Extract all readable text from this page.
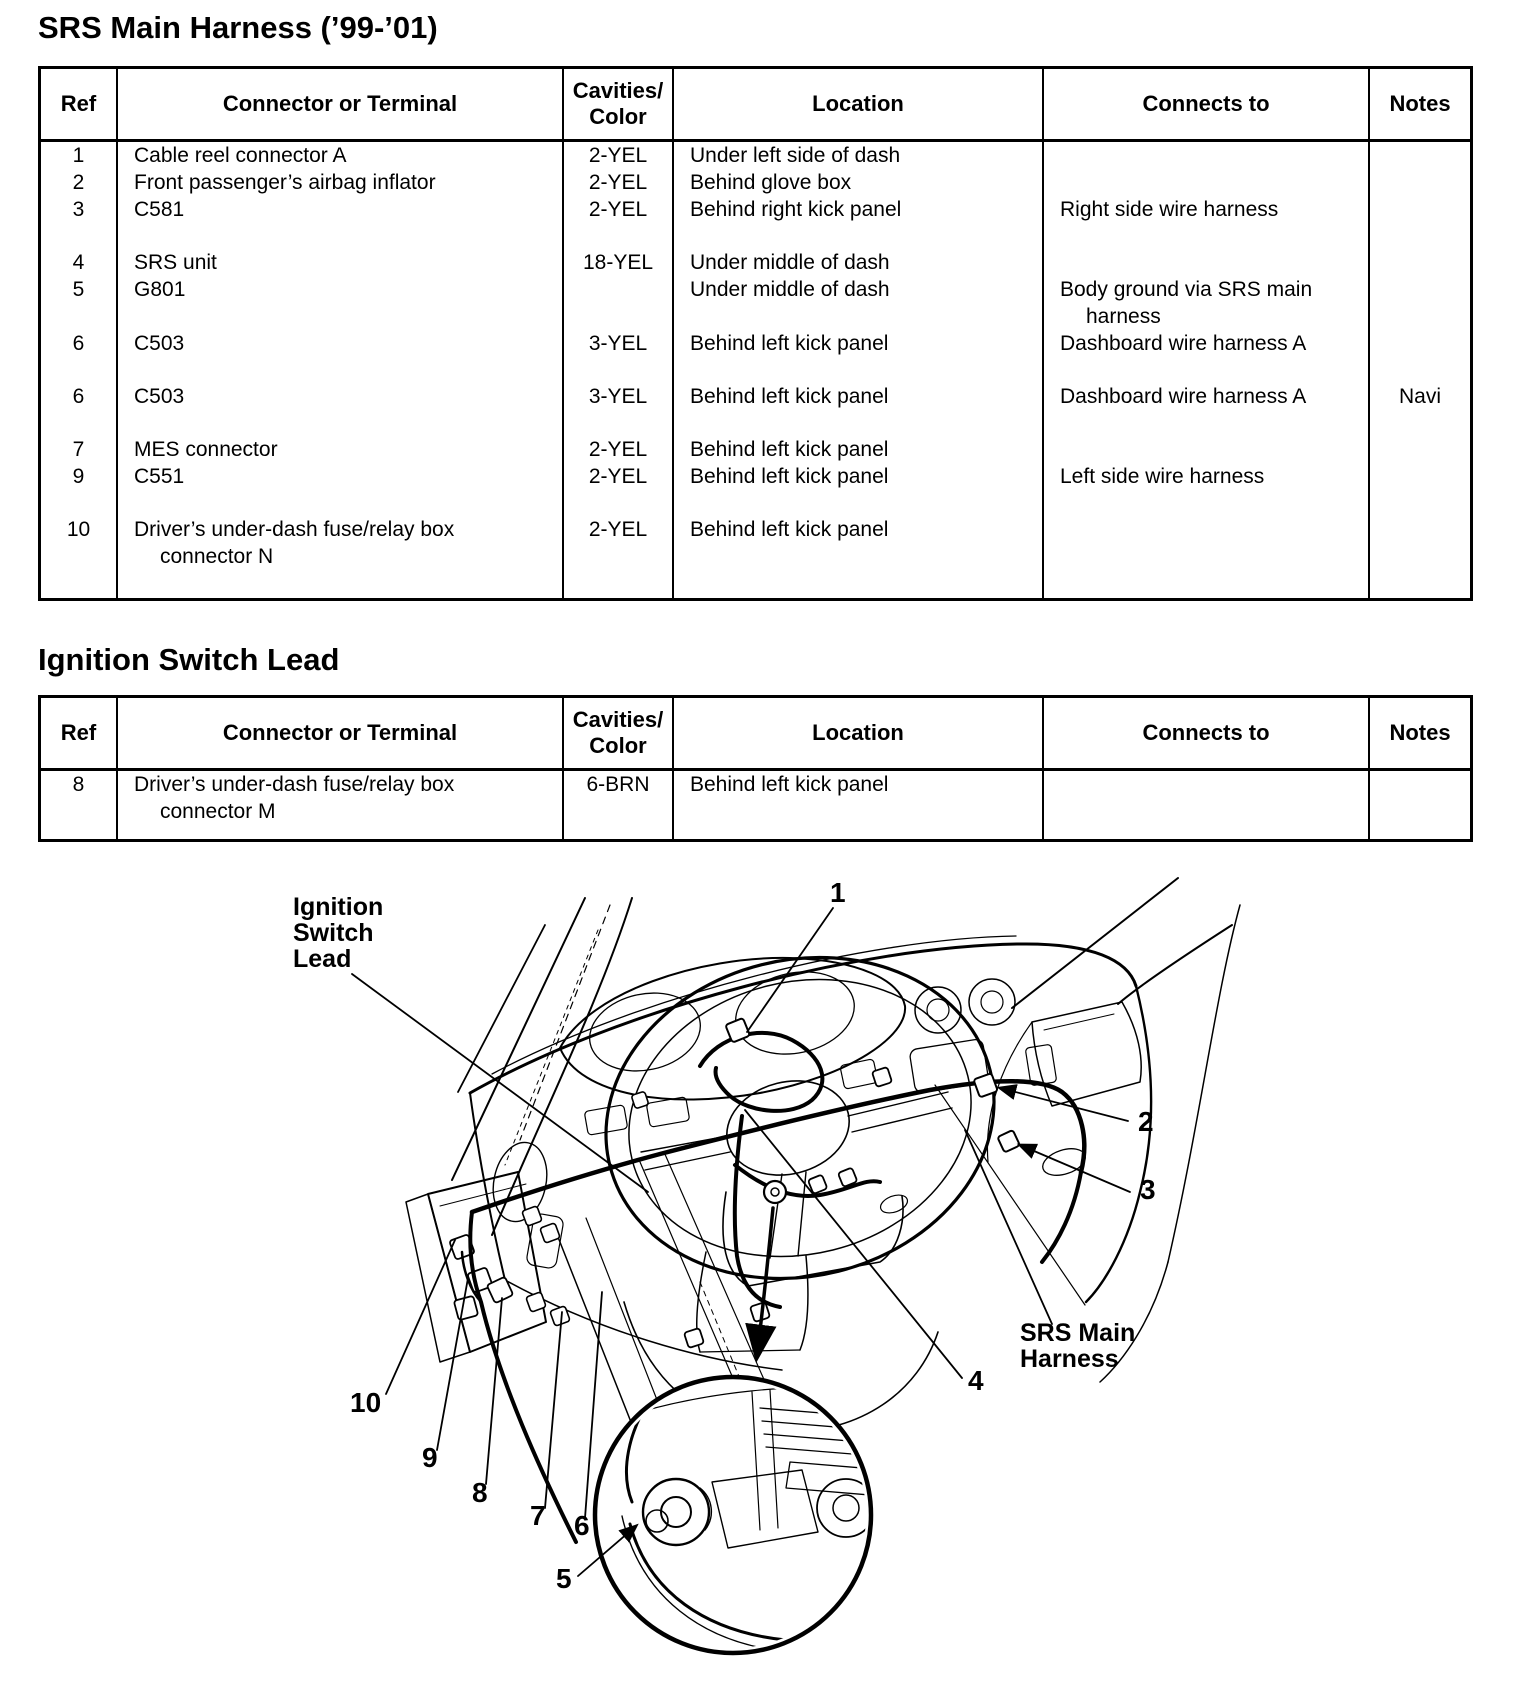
SRS Main Harness (’99-’01)
Ref	Connector or Terminal	Cavities/
Color	Location	Connects to	Notes
1	Cable reel connector A	2-YEL	Under left side of dash		

2	Front passenger’s airbag inflator	2-YEL	Behind glove box		

3	C581	2-YEL	Behind right kick panel	Right side wire harness	

4	SRS unit	18-YEL	Under middle of dash		

5	G801		Under middle of dash	Body ground via SRS main
harness	

6	C503	3-YEL	Behind left kick panel	Dashboard wire harness A	

6	C503	3-YEL	Behind left kick panel	Dashboard wire harness A	Navi

7	MES connector	2-YEL	Behind left kick panel		

9	C551	2-YEL	Behind left kick panel	Left side wire harness	

10	Driver’s under-dash fuse/relay box
connector N	2-YEL	Behind left kick panel		

Ignition Switch Lead
Ref	Connector or Terminal	Cavities/
Color	Location	Connects to	Notes
8	Driver’s under-dash fuse/relay box
connector M	6-BRN	Behind left kick panel		

1
2
3
4
5
6
7
8
9
10
Ignition
Switch
Lead
SRS Main
Harness
